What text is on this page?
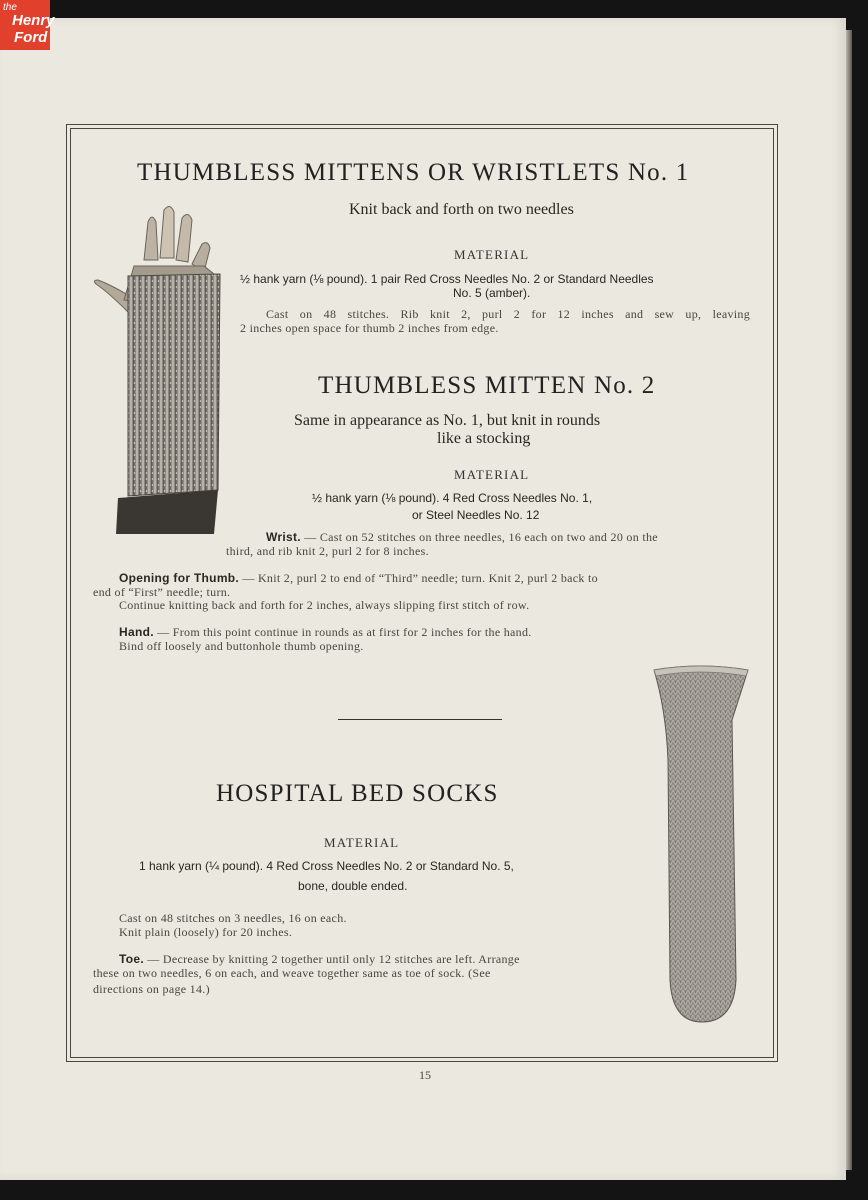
the
Henry
Ford
THUMBLESS MITTENS OR WRISTLETS No. 1
Knit back and forth on two needles
MATERIAL
½ hank yarn (⅛ pound). 1 pair Red Cross Needles No. 2 or Standard Needles
No. 5 (amber).
Cast on 48 stitches. Rib knit 2, purl 2 for 12 inches and sew up, leaving
2 inches open space for thumb 2 inches from edge.
THUMBLESS MITTEN No. 2
Same in appearance as No. 1, but knit in rounds
like a stocking
MATERIAL
½ hank yarn (⅛ pound). 4 Red Cross Needles No. 1,
or Steel Needles No. 12
Wrist. — Cast on 52 stitches on three needles, 16 each on two and 20 on the
third, and rib knit 2, purl 2 for 8 inches.
Opening for Thumb. — Knit 2, purl 2 to end of “Third” needle; turn. Knit 2, purl 2 back to
end of “First” needle; turn.
Continue knitting back and forth for 2 inches, always slipping first stitch of row.
Hand. — From this point continue in rounds as at first for 2 inches for the hand.
Bind off loosely and buttonhole thumb opening.
HOSPITAL BED SOCKS
MATERIAL
1 hank yarn (¼ pound). 4 Red Cross Needles No. 2 or Standard No. 5,
bone, double ended.
Cast on 48 stitches on 3 needles, 16 on each.
Knit plain (loosely) for 20 inches.
Toe. — Decrease by knitting 2 together until only 12 stitches are left. Arrange
these on two needles, 6 on each, and weave together same as toe of sock. (See
directions on page 14.)
15
